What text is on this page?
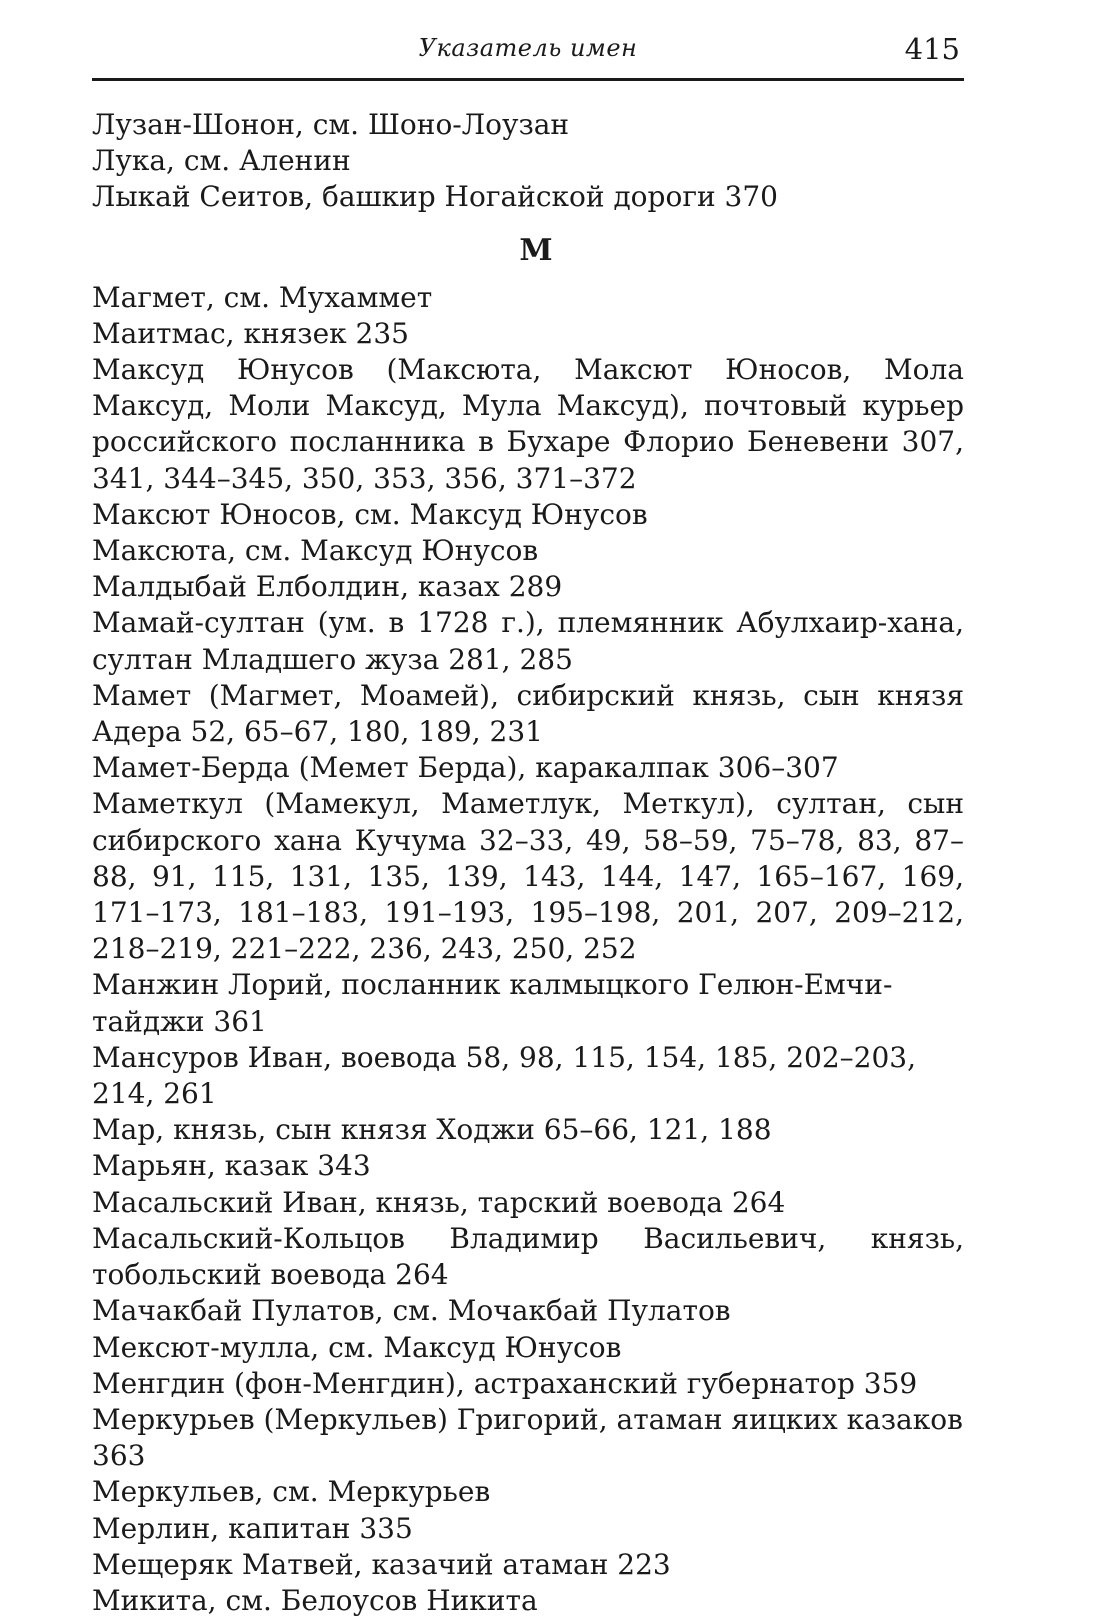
Указатель имен	415
Лузан-Шонон, см. Шоно-Лоузан
Лука, см. Аленин
Лыкай Сеитов, башкир Ногайской дороги 370
М
Магмет, см. Мухаммет
Маитмас, князек 235
Максуд Юнусов (Максюта, Максют Юносов, Мола Максуд, Моли Максуд, Мула Максуд), почтовый курьер российского посланника в Бухаре Флорио Беневени 307, 341, 344–345, 350, 353, 356, 371–372
Максют Юносов, см. Максуд Юнусов
Максюта, см. Максуд Юнусов
Малдыбай Елболдин, казах 289
Мамай-султан (ум. в 1728 г.), племянник Абулхаир-хана, султан Младшего жуза 281, 285
Мамет (Магмет, Моамей), сибирский князь, сын князя Адера 52, 65–67, 180, 189, 231
Мамет-Берда (Мемет Берда), каракалпак 306–307
Маметкул (Мамекул, Маметлук, Меткул), султан, сын сибирского хана Кучума 32–33, 49, 58–59, 75–78, 83, 87–88, 91, 115, 131, 135, 139, 143, 144, 147, 165–167, 169, 171–173, 181–183, 191–193, 195–198, 201, 207, 209–212, 218–219, 221–222, 236, 243, 250, 252
Манжин Лорий, посланник калмыцкого Гелюн-Емчи-тайджи 361
Мансуров Иван, воевода 58, 98, 115, 154, 185, 202–203, 214, 261
Мар, князь, сын князя Ходжи 65–66, 121, 188
Марьян, казак 343
Масальский Иван, князь, тарский воевода 264
Масальский-Кольцов Владимир Васильевич, князь, тобольский воевода 264
Мачакбай Пулатов, см. Мочакбай Пулатов
Мексют-мулла, см. Максуд Юнусов
Менгдин (фон-Менгдин), астраханский губернатор 359
Меркурьев (Меркульев) Григорий, атаман яицких казаков 363
Меркульев, см. Меркурьев
Мерлин, капитан 335
Мещеряк Матвей, казачий атаман 223
Микита, см. Белоусов Никита
